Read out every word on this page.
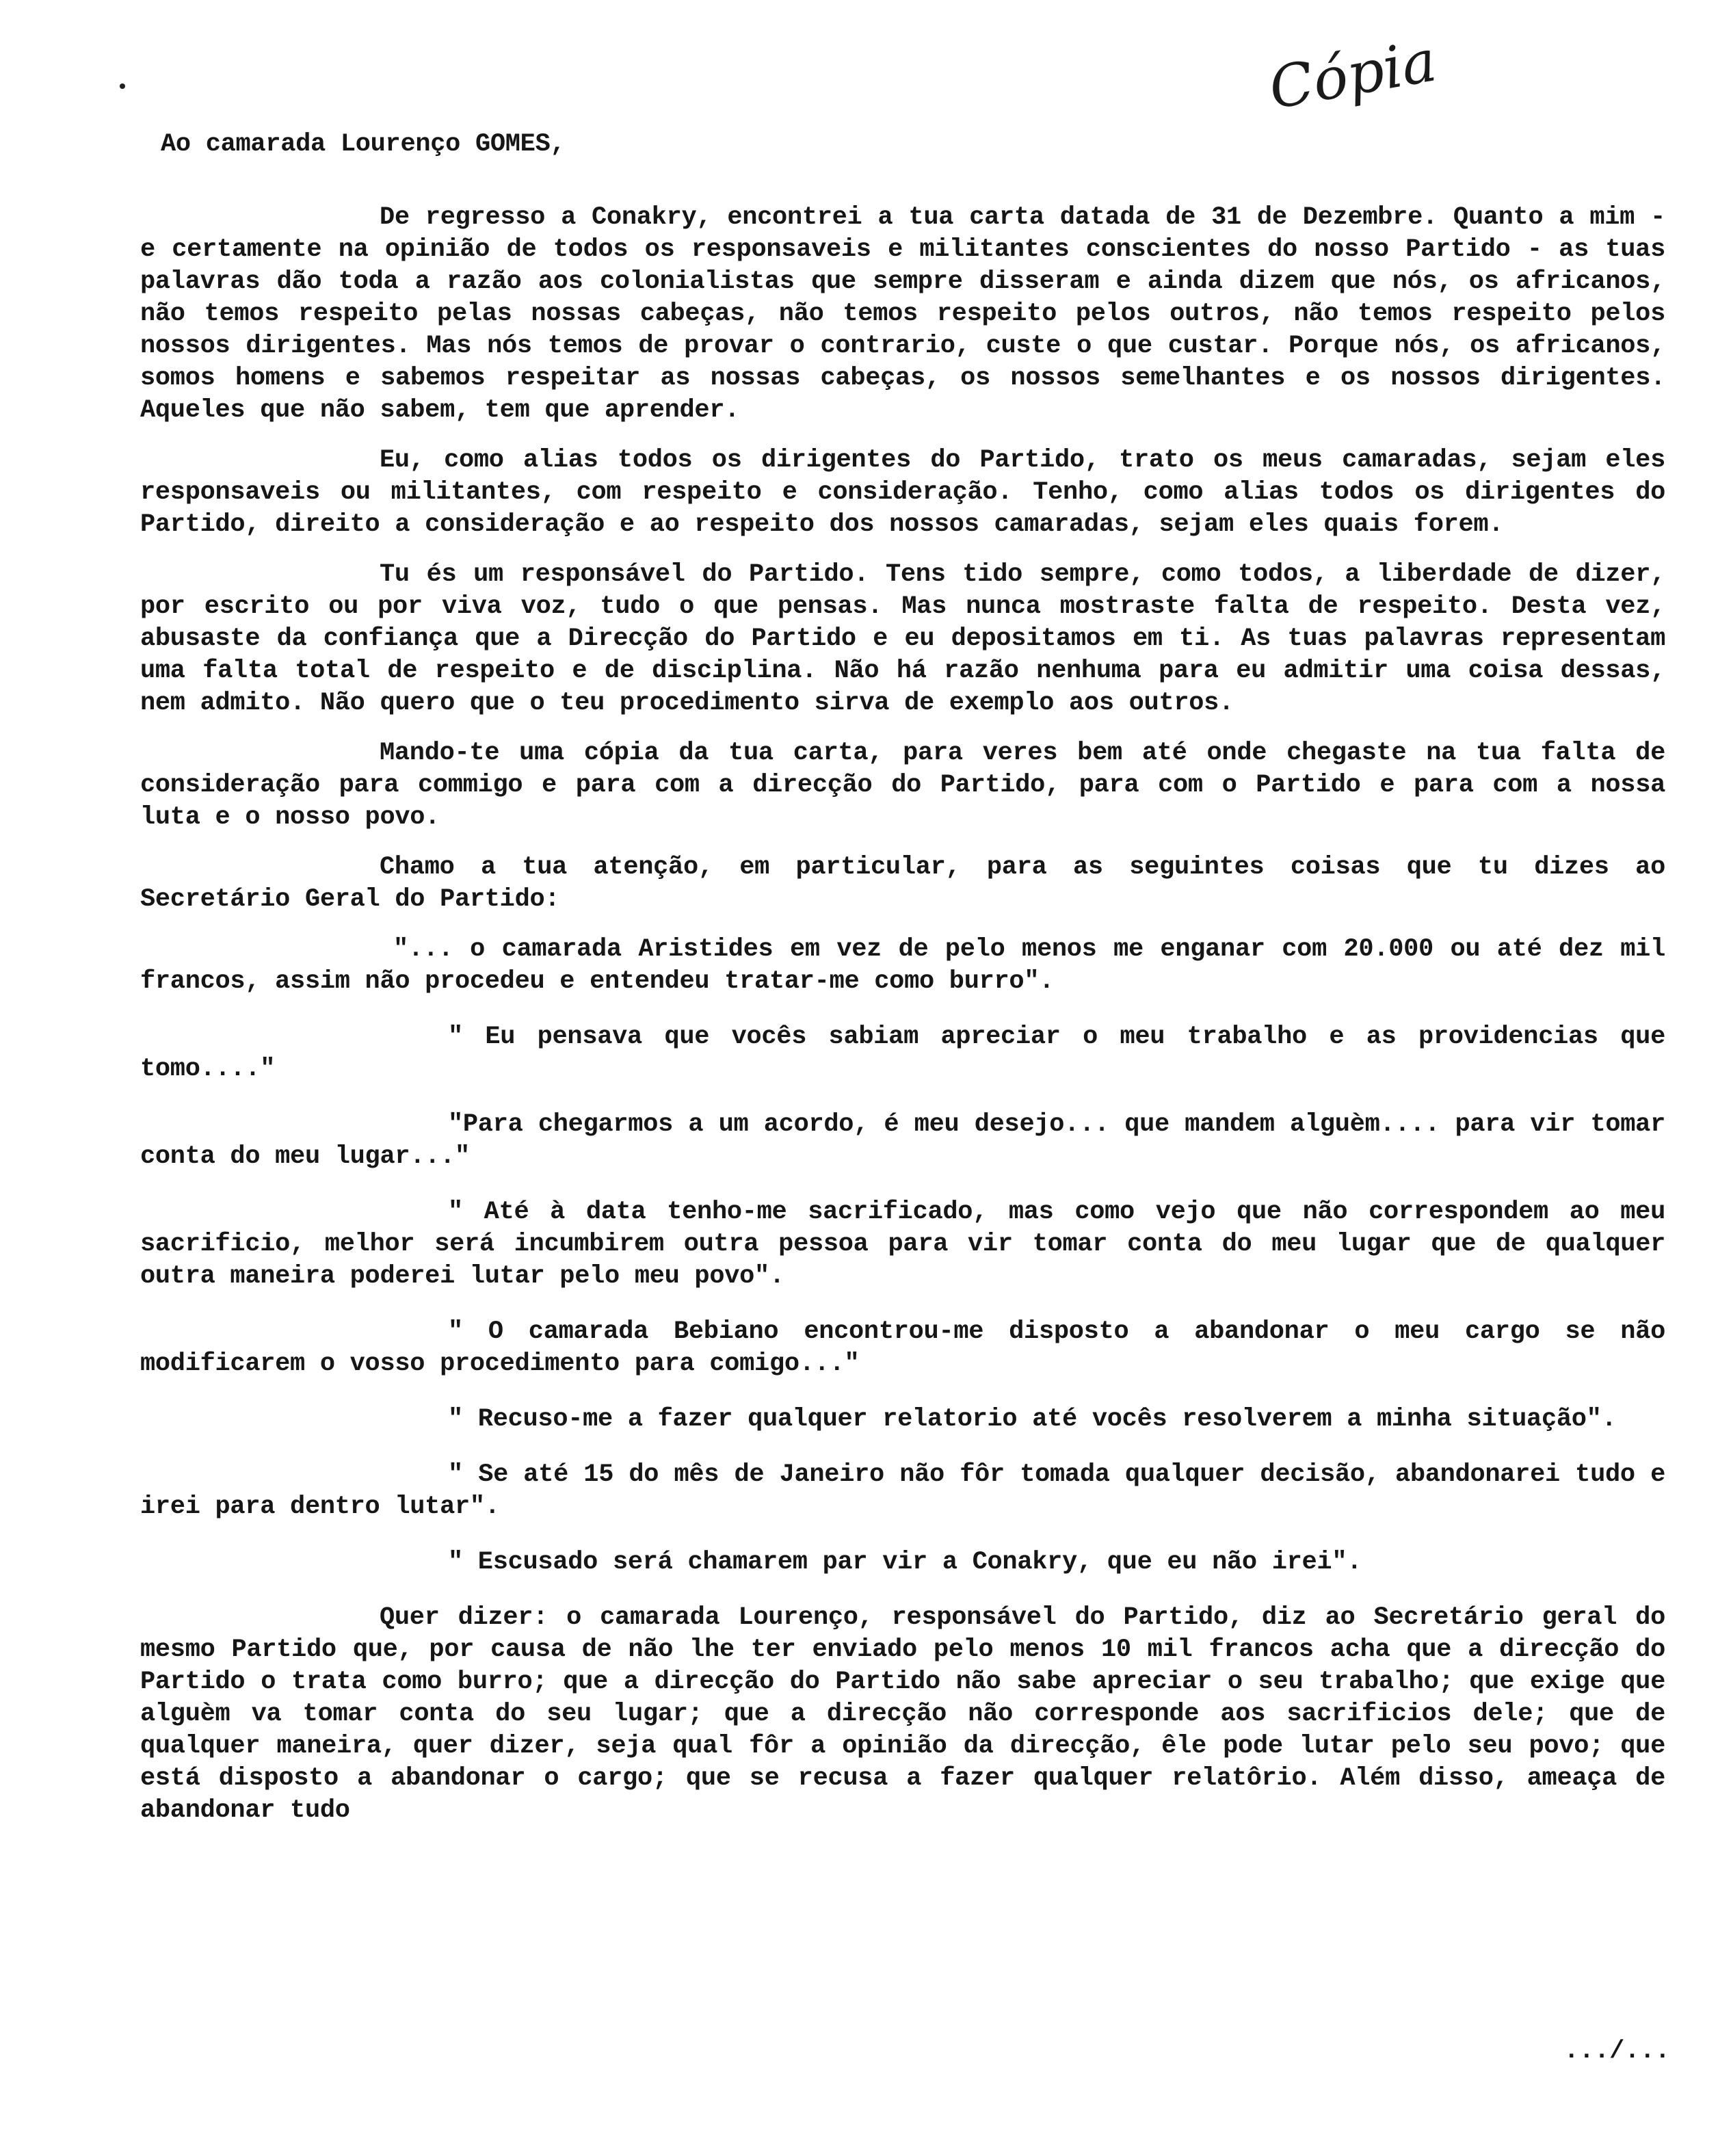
•	Cópia
Ao camarada Lourenço GOMES,

De regresso a Conakry, encontrei a tua carta datada de 31 de Dezembre. Quanto a mim - e certamente na opinião de todos os responsaveis e militantes conscientes do nosso Partido - as tuas palavras dão toda a razão aos colonialistas que sempre disseram e ainda dizem que nós, os africanos, não temos respeito pelas nossas cabeças, não temos respeito pelos outros, não temos respeito pelos nossos dirigentes. Mas nós temos de provar o contrario, custe o que custar. Porque nós, os africanos, somos homens e sabemos respeitar as nossas cabeças, os nossos semelhantes e os nossos dirigentes. Aqueles que não sabem, tem que aprender.

Eu, como alias todos os dirigentes do Partido, trato os meus camaradas, sejam eles responsaveis ou militantes, com respeito e consideração. Tenho, como alias todos os dirigentes do Partido, direito a consideração e ao respeito dos nossos camaradas, sejam eles quais forem.

Tu és um responsável do Partido. Tens tido sempre, como todos, a liberdade de dizer, por escrito ou por viva voz, tudo o que pensas. Mas nunca mostraste falta de respeito. Desta vez, abusaste da confiança que a Direcção do Partido e eu depositamos em ti. As tuas palavras representam uma falta total de respeito e de disciplina. Não há razão nenhuma para eu admitir uma coisa dessas, nem admito. Não quero que o teu procedimento sirva de exemplo aos outros.

Mando-te uma cópia da tua carta, para veres bem até onde chegaste na tua falta de consideração para commigo e para com a direcção do Partido, para com o Partido e para com a nossa luta e o nosso povo.

Chamo a tua atenção, em particular, para as seguintes coisas que tu dizes ao Secretário Geral do Partido:

"... o camarada Aristides em vez de pelo menos me enganar com 20.000 ou até dez mil francos, assim não procedeu e entendeu tratar-me como burro".

" Eu pensava que vocês sabiam apreciar o meu trabalho e as providencias que tomo...."

"Para chegarmos a um acordo, é meu desejo... que mandem alguèm.... para vir tomar conta do meu lugar..."

" Até à data tenho-me sacrificado, mas como vejo que não correspondem ao meu sacrificio, melhor será incumbirem outra pessoa para vir tomar conta do meu lugar que de qualquer outra maneira poderei lutar pelo meu povo".

" O camarada Bebiano encontrou-me disposto a abandonar o meu cargo se não modificarem o vosso procedimento para comigo..."

" Recuso-me a fazer qualquer relatorio até vocês resolverem a minha situação".

" Se até 15 do mês de Janeiro não fôr tomada qualquer decisão, abandonarei tudo e irei para dentro lutar".

" Escusado será chamarem par vir a Conakry, que eu não irei".

Quer dizer: o camarada Lourenço, responsável do Partido, diz ao Secretário geral do mesmo Partido que, por causa de não lhe ter enviado pelo menos 10 mil francos acha que a direcção do Partido o trata como burro; que a direcção do Partido não sabe apreciar o seu trabalho; que exige que alguèm va tomar conta do seu lugar; que a direcção não corresponde aos sacrificios dele; que de qualquer maneira, quer dizer, seja qual fôr a opinião da direcção, êle pode lutar pelo seu povo; que está disposto a abandonar o cargo; que se recusa a fazer qualquer relatôrio. Além disso, ameaça de abandonar tudo

.../...
